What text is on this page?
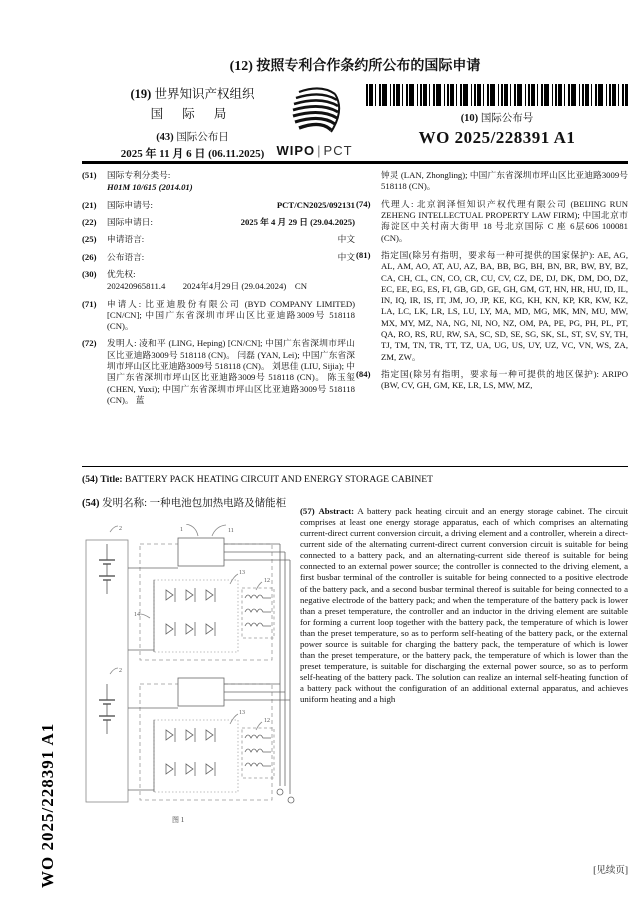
WO 2025/228391 A1
(12) 按照专利合作条约所公布的国际申请
(19) 世界知识产权组织
国 际 局
(43) 国际公布日
2025 年 11 月 6 日 (06.11.2025) WIPO | PCT
(10) 国际公布号
WO 2025/228391 A1
(51) 国际专利分类号:
H01M 10/615 (2014.01)
(21) 国际申请号:	PCT/CN2025/092131
(22) 国际申请日:	2025 年 4 月 29 日 (29.04.2025)
(25) 申请语言:	中文
(26) 公布语言:	中文
(30) 优先权:
202420965811.4　　2024年4月29日 (29.04.2024)　CN
(71) 申请人: 比亚迪股份有限公司 (BYD COMPANY LIMITED) [CN/CN]; 中国广东省深圳市坪山区比亚迪路3009号 518118 (CN)。
(72) 发明人: 凌和平 (LING, Heping) [CN/CN]; 中国广东省深圳市坪山区比亚迪路3009号 518118 (CN)。 闫磊 (YAN, Lei); 中国广东省深圳市坪山区比亚迪路3009号 518118 (CN)。 刘思佳 (LIU, Sijia); 中国广东省深圳市坪山区比亚迪路3009号 518118 (CN)。 陈玉玺 (CHEN, Yuxi); 中国广东省深圳市坪山区比亚迪路3009号 518118 (CN)。 蓝
钟灵 (LAN, Zhongling); 中国广东省深圳市坪山区比亚迪路3009号 518118 (CN)。
(74) 代理人: 北京润泽恒知识产权代理有限公司 (BEIJING RUN ZEHENG INTELLECTUAL PROPERTY LAW FIRM); 中国北京市海淀区中关村南大街甲 18 号北京国际 C 座 6层606 100081 (CN)。
(81) 指定国(除另有指明，要求每一种可提供的国家保护): AE, AG, AL, AM, AO, AT, AU, AZ, BA, BB, BG, BH, BN, BR, BW, BY, BZ, CA, CH, CL, CN, CO, CR, CU, CV, CZ, DE, DJ, DK, DM, DO, DZ, EC, EE, EG, ES, FI, GB, GD, GE, GH, GM, GT, HN, HR, HU, ID, IL, IN, IQ, IR, IS, IT, JM, JO, JP, KE, KG, KH, KN, KP, KR, KW, KZ, LA, LC, LK, LR, LS, LU, LY, MA, MD, MG, MK, MN, MU, MW, MX, MY, MZ, NA, NG, NI, NO, NZ, OM, PA, PE, PG, PH, PL, PT, QA, RO, RS, RU, RW, SA, SC, SD, SE, SG, SK, SL, ST, SV, SY, TH, TJ, TM, TN, TR, TT, TZ, UA, UG, US, UY, UZ, VC, VN, WS, ZA, ZM, ZW。
(84) 指定国(除另有指明，要求每一种可提供的地区保护): ARIPO (BW, CV, GH, GM, KE, LR, LS, MW, MZ,
(54) Title: BATTERY PACK HEATING CIRCUIT AND ENERGY STORAGE CABINET
(54) 发明名称: 一种电池包加热电路及储能柜
(57) Abstract: A battery pack heating circuit and an energy storage cabinet. The circuit comprises at least one energy storage apparatus, each of which comprises an alternating current-direct current conversion circuit, a driving element and a controller, wherein a direct-current side of the alternating current-direct current conversion circuit is suitable for being connected to a battery pack, and an alternating-current side thereof is suitable for being connected to an external power source; the controller is connected to the driving element, a first busbar terminal of the controller is suitable for being connected to a positive electrode of the battery pack, and a second busbar terminal thereof is suitable for being connected to a negative electrode of the battery pack; and when the temperature of the battery pack is lower than a preset temperature, the controller and an inductor in the driving element are suitable for forming a current loop together with the battery pack, the temperature of which is lower than the preset temperature, so as to perform self-heating of the battery pack, or the external power source is suitable for charging the battery pack, the temperature of which is lower than the preset temperature, or the battery pack, the temperature of which is lower than the preset temperature, is suitable for discharging the external power source, so as to perform self-heating of the battery pack. The solution can realize an internal self-heating function of a battery pack without the configuration of an additional external apparatus, and achieves uniform heating and a high
1	11
13
12
14
2
13
12
2
图 1
[见续页]
